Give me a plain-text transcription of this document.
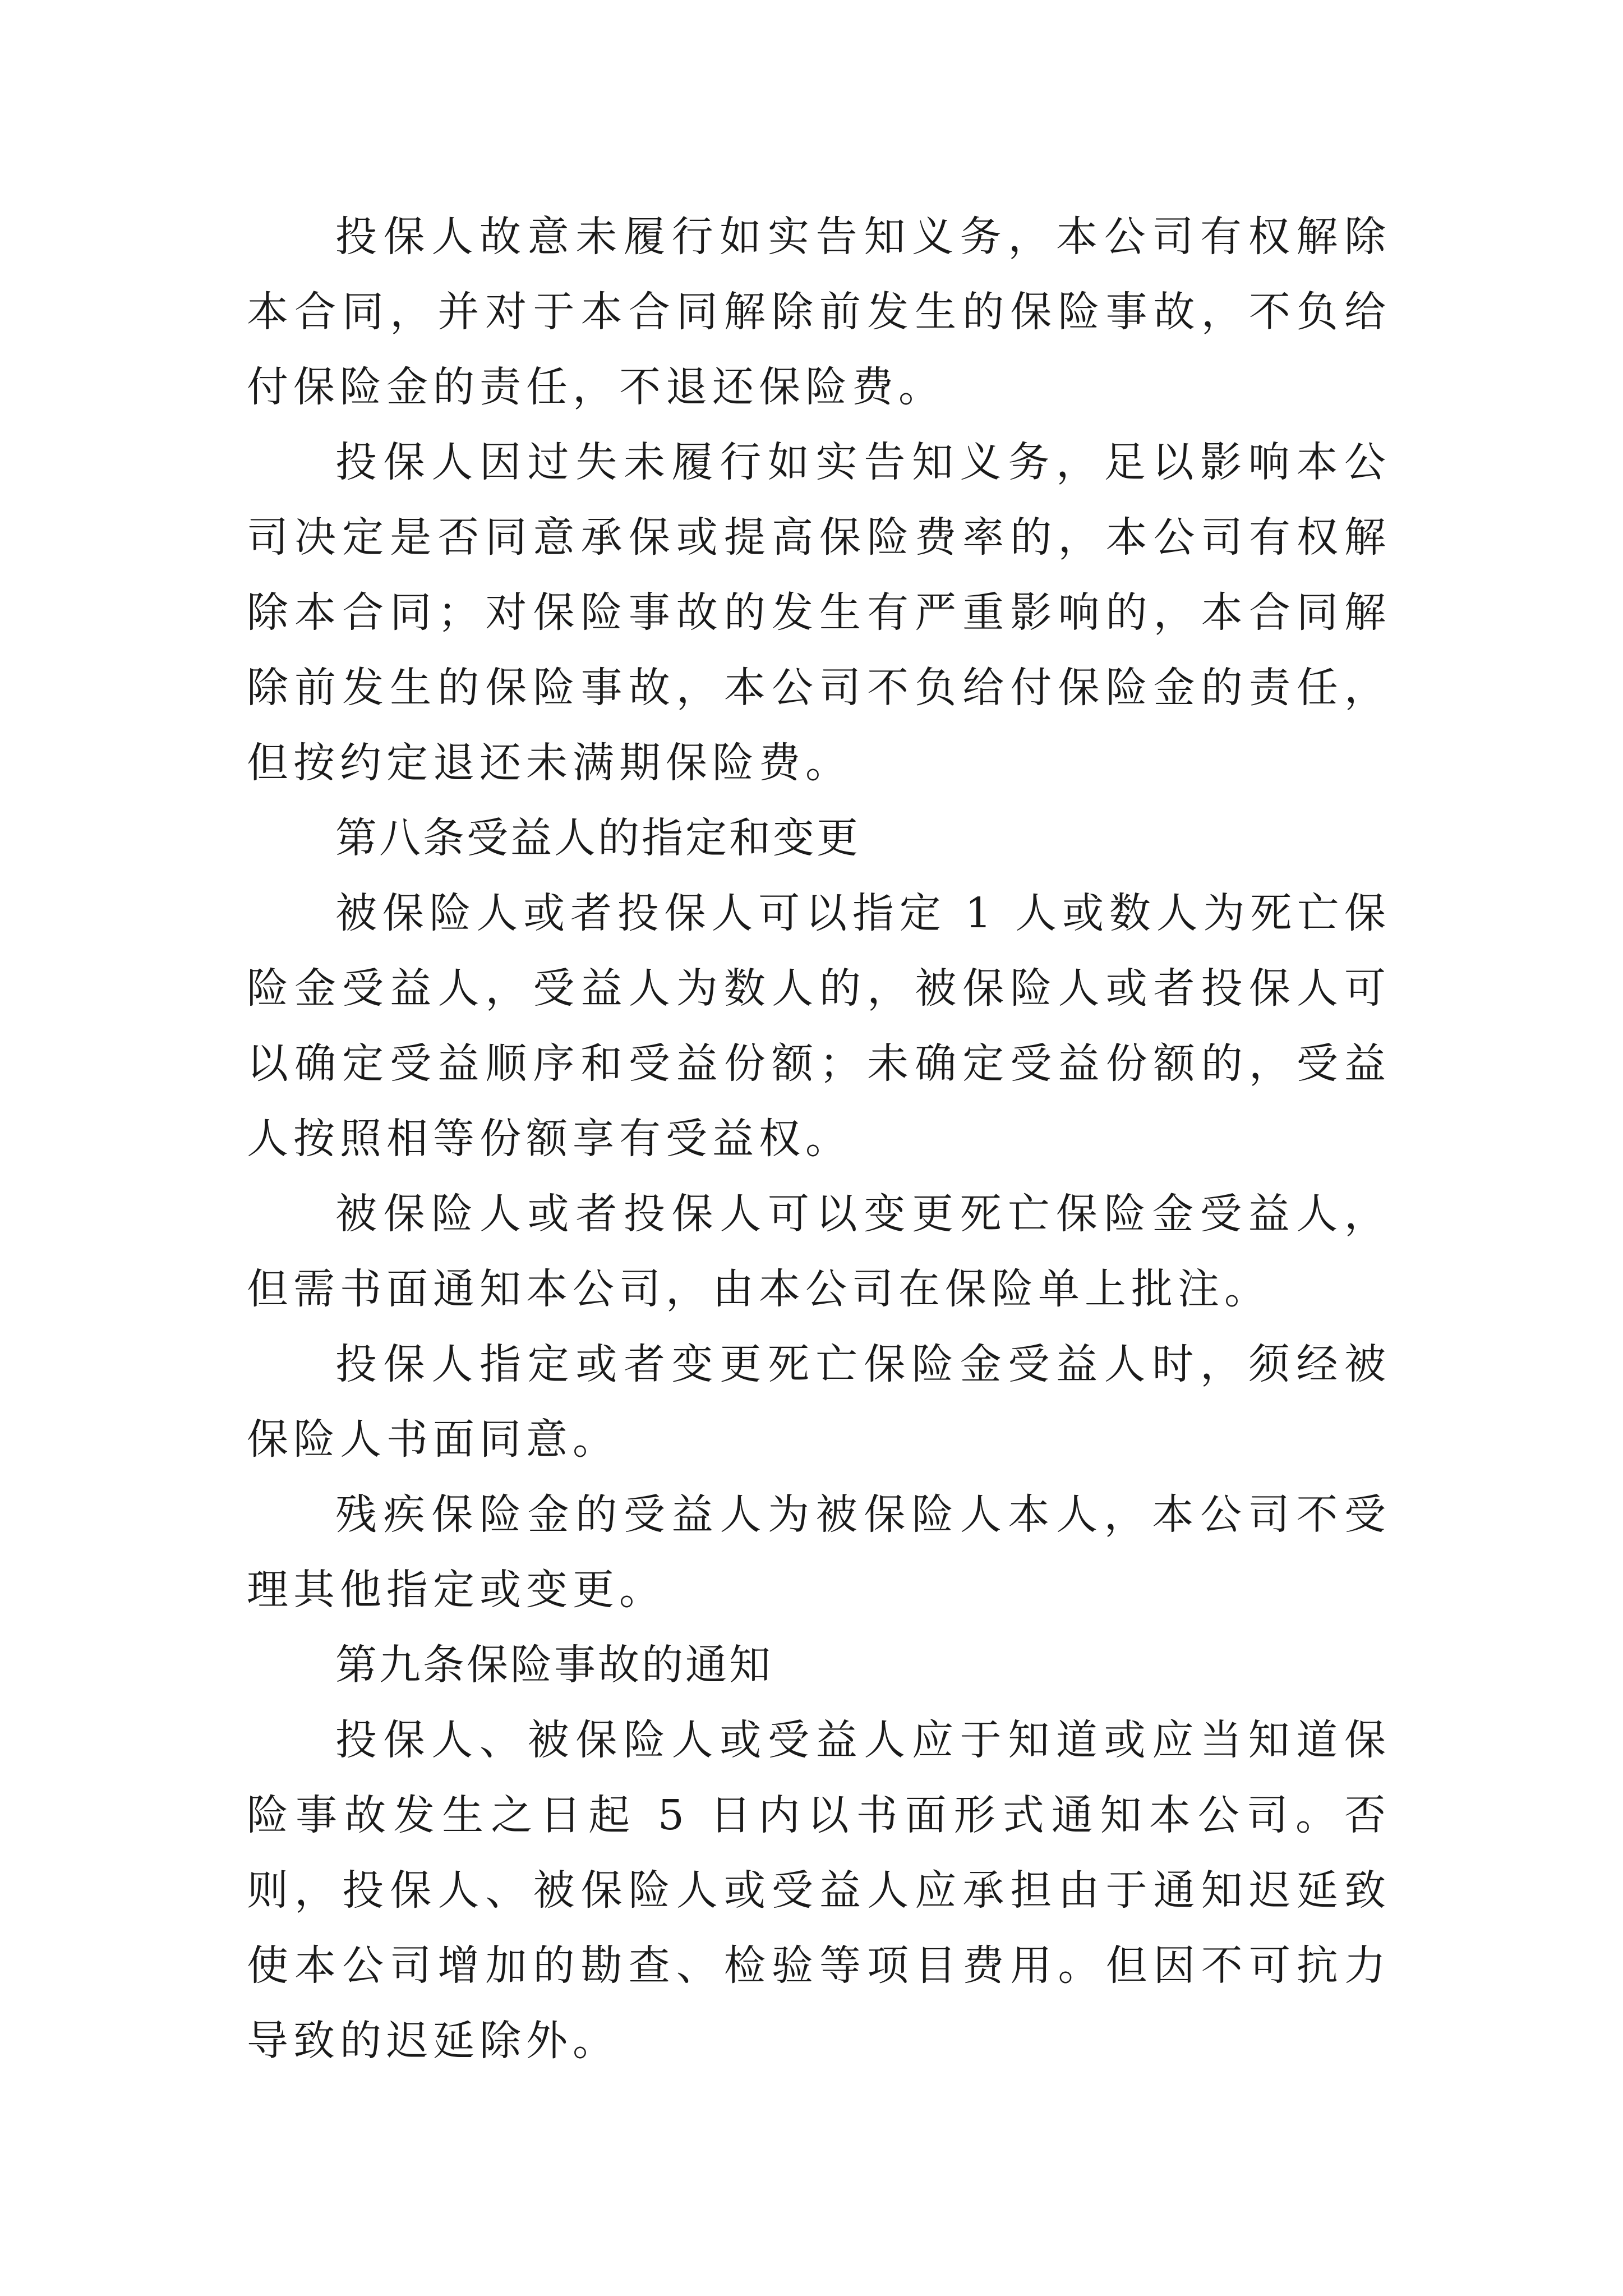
投保人故意未履行如实告知义务，本公司有权解除本合同，并对于本合同解除前发生的保险事故，不负给付保险金的责任，不退还保险费。

投保人因过失未履行如实告知义务，足以影响本公司决定是否同意承保或提高保险费率的，本公司有权解除本合同；对保险事故的发生有严重影响的，本合同解除前发生的保险事故，本公司不负给付保险金的责任，但按约定退还未满期保险费。

第八条受益人的指定和变更

被保险人或者投保人可以指定 1 人或数人为死亡保险金受益人，受益人为数人的，被保险人或者投保人可以确定受益顺序和受益份额；未确定受益份额的，受益人按照相等份额享有受益权。

被保险人或者投保人可以变更死亡保险金受益人，但需书面通知本公司，由本公司在保险单上批注。

投保人指定或者变更死亡保险金受益人时，须经被保险人书面同意。

残疾保险金的受益人为被保险人本人，本公司不受理其他指定或变更。

第九条保险事故的通知

投保人、被保险人或受益人应于知道或应当知道保险事故发生之日起 5 日内以书面形式通知本公司。否则，投保人、被保险人或受益人应承担由于通知迟延致使本公司增加的勘查、检验等项目费用。但因不可抗力导致的迟延除外。
